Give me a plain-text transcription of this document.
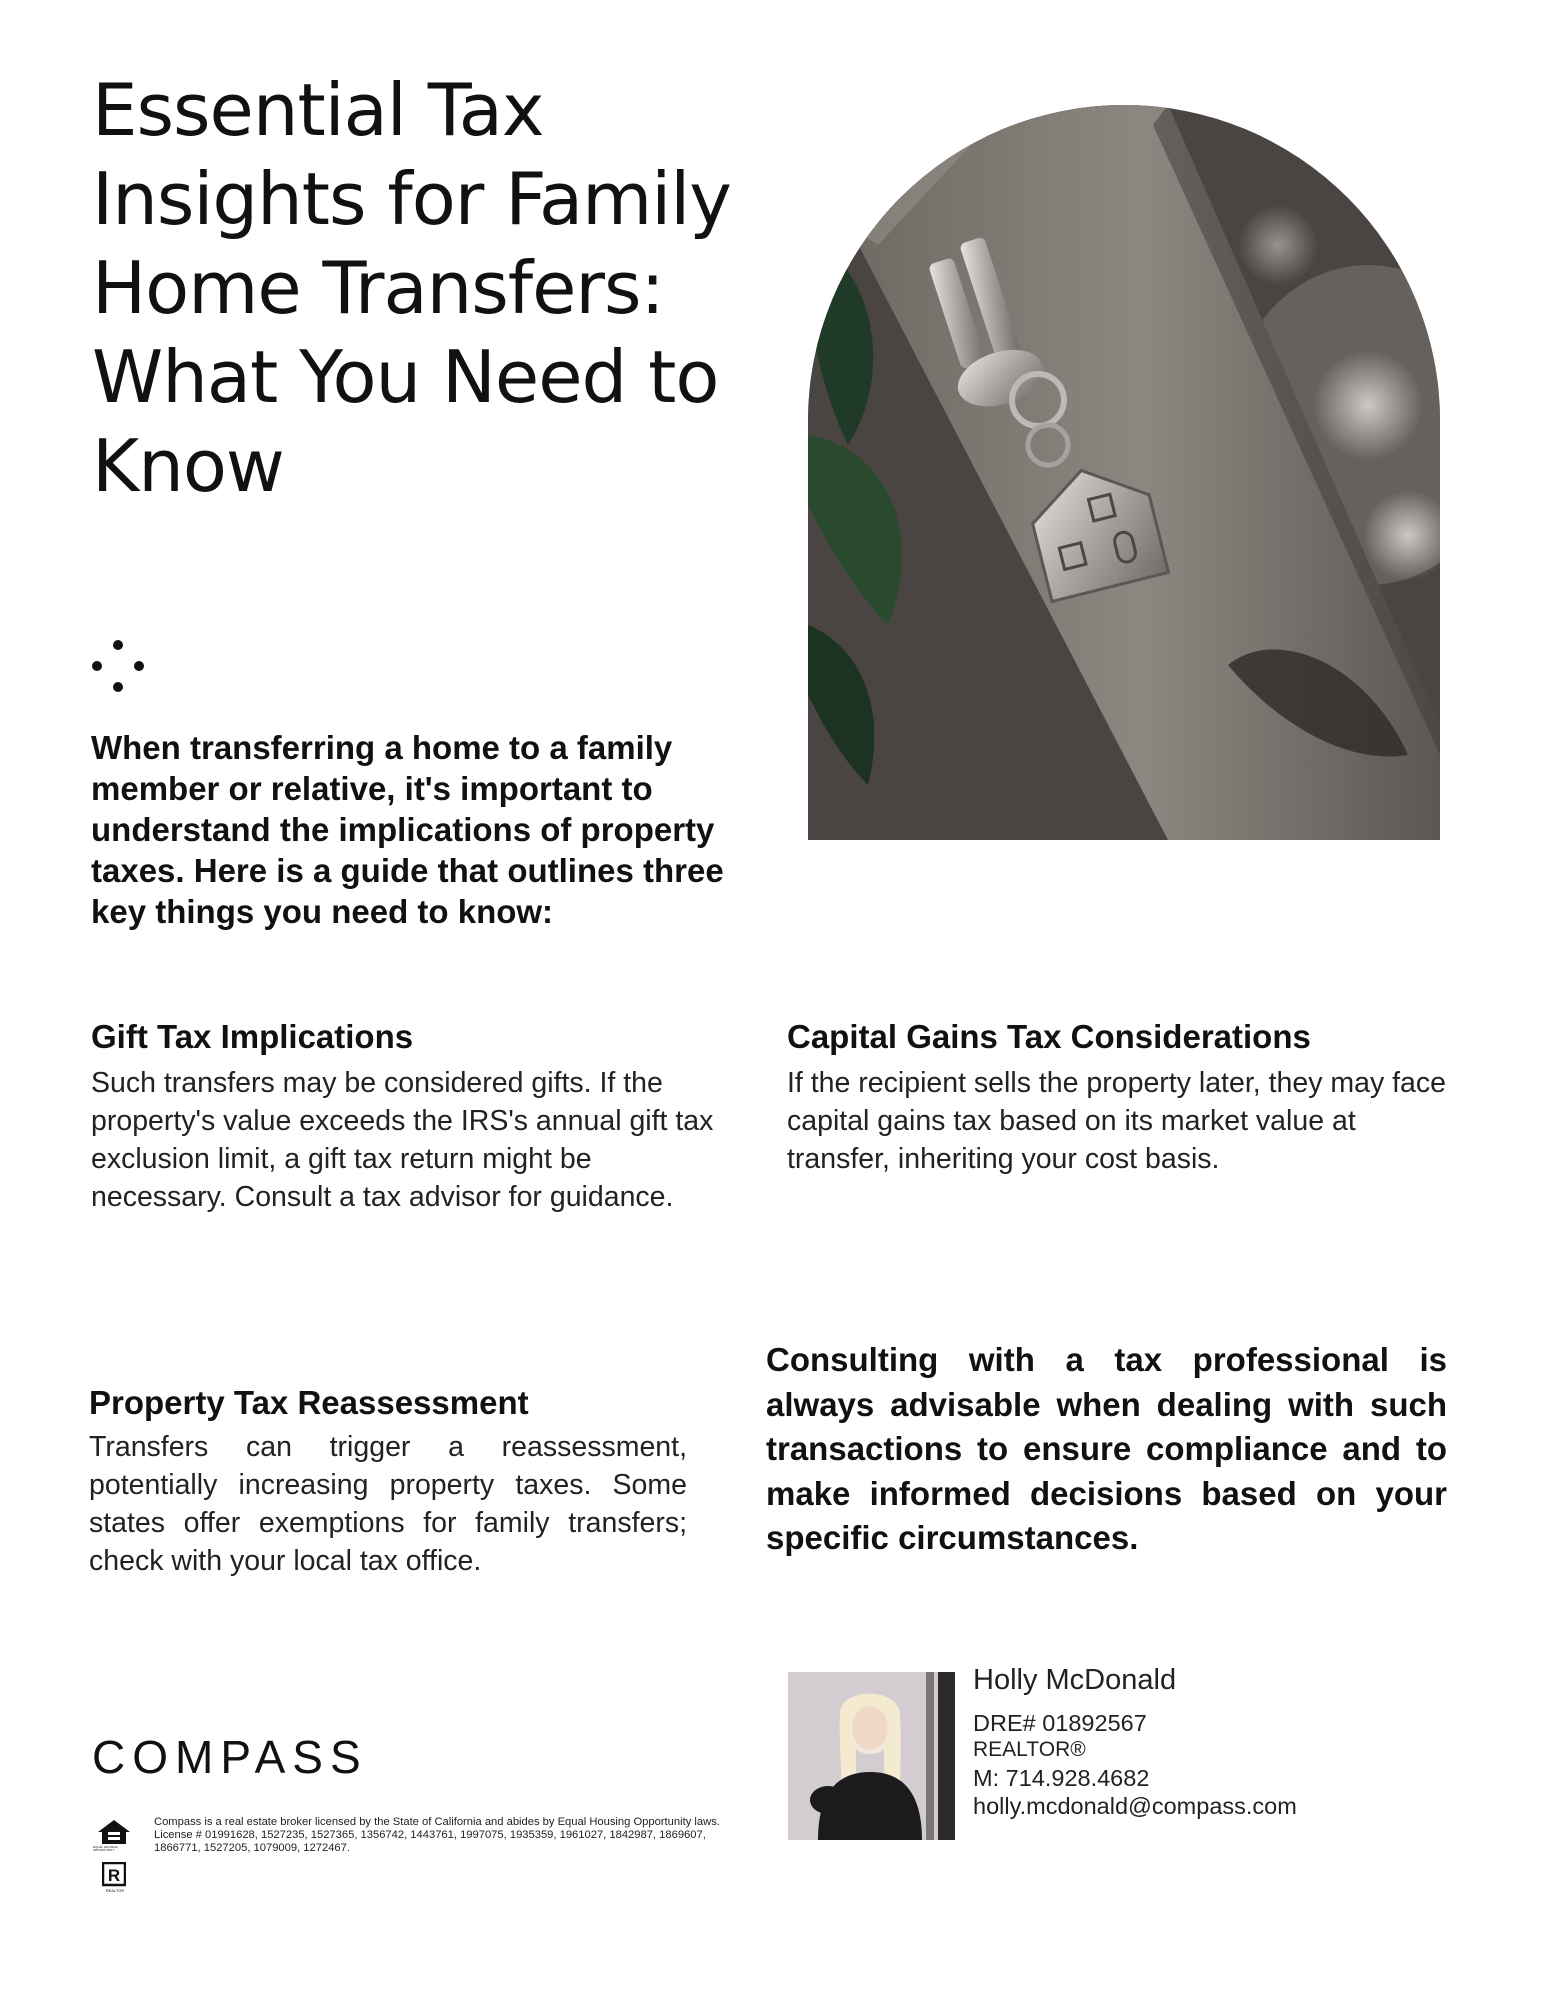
Essential Tax Insights for Family Home Transfers: What You Need to Know

When transferring a home to a family member or relative, it's important to understand the implications of property taxes. Here is a guide that outlines three key things you need to know:

Gift Tax Implications

Such transfers may be considered gifts. If the property's value exceeds the IRS's annual gift tax exclusion limit, a gift tax return might be necessary. Consult a tax advisor for guidance.

Capital Gains Tax Considerations

If the recipient sells the property later, they may face capital gains tax based on its market value at transfer, inheriting your cost basis.

Property Tax Reassessment

Transfers can trigger a reassessment, potentially increasing property taxes. Some states offer exemptions for family transfers; check with your local tax office.

Consulting with a tax professional is always advisable when dealing with such transactions to ensure compliance and to make informed decisions based on your specific circumstances.

COMPASS
EQUAL HOUSING OPPORTUNITY
R
REALTOR
Compass is a real estate broker licensed by the State of California and abides by Equal Housing Opportunity laws. License # 01991628, 1527235, 1527365, 1356742, 1443761, 1997075, 1935359, 1961027, 1842987, 1869607, 1866771, 1527205, 1079009, 1272467.
Holly McDonald
DRE# 01892567
REALTOR®
M: 714.928.4682
holly.mcdonald@compass.com
